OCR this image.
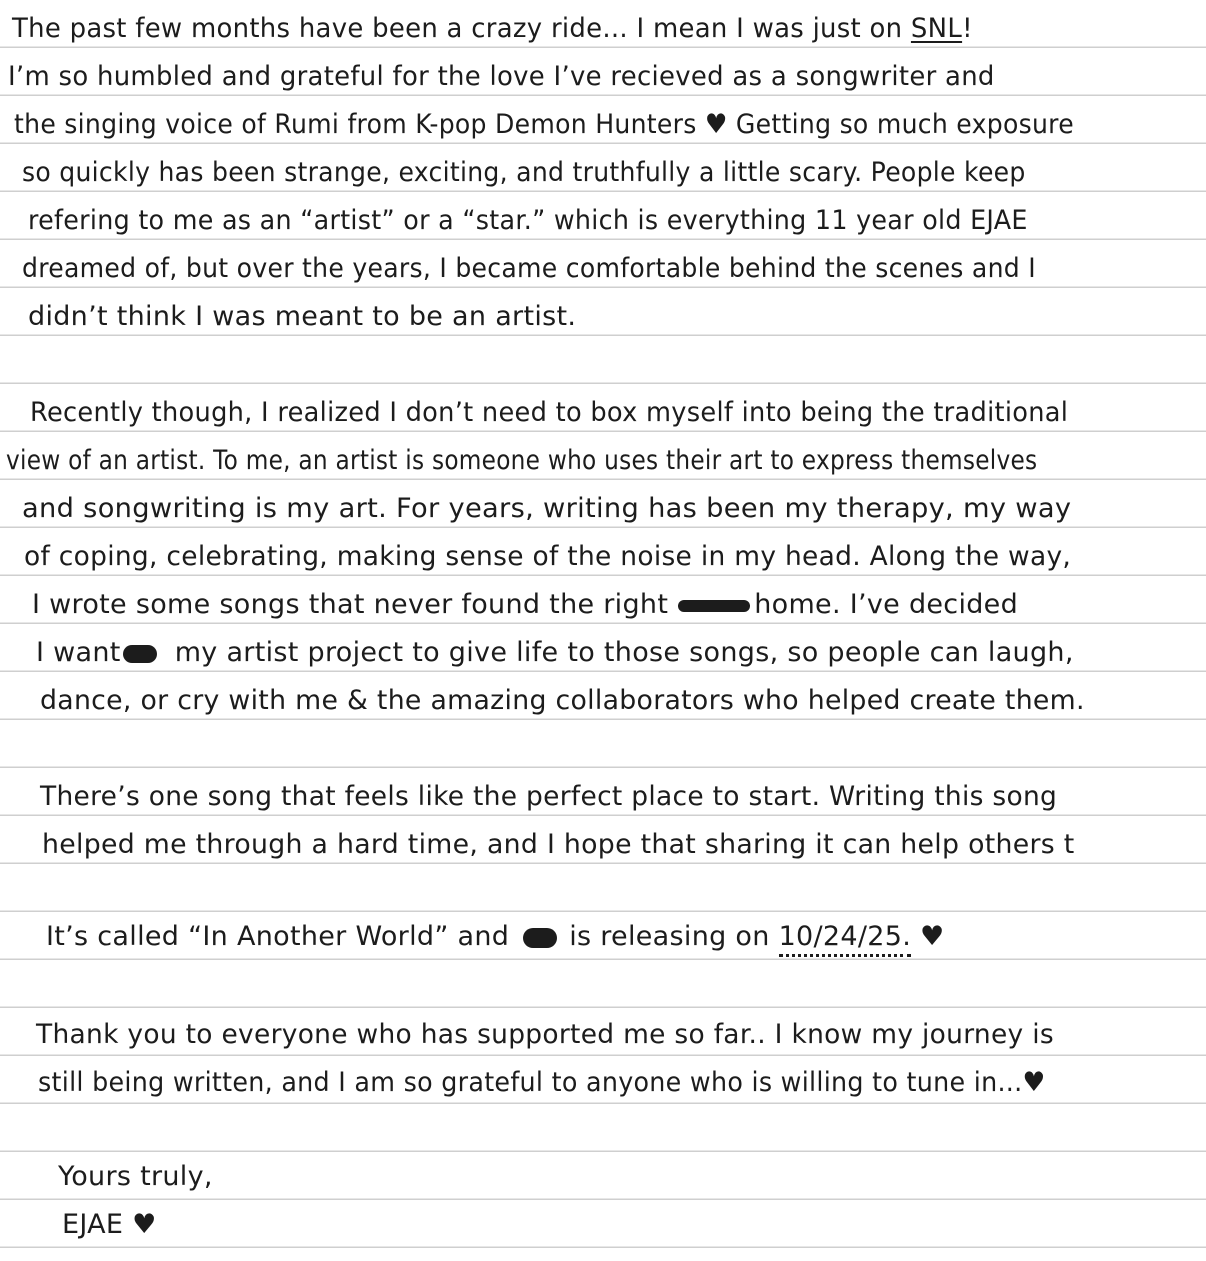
The past few months have been a crazy ride... I mean I was just on SNL!
I’m so humbled and grateful for the love I’ve recieved as a songwriter and
the singing voice of Rumi from K-pop Demon Hunters ♥ Getting so much exposure
so quickly has been strange, exciting, and truthfully a little scary. People keep
refering to me as an “artist” or a “star.” which is everything 11 year old EJAE
dreamed of, but over the years, I became comfortable behind the scenes and I
didn’t think I was meant to be an artist.
Recently though, I realized I don’t need to box myself into being the traditional
view of an artist. To me, an artist is someone who uses their art to express themselves
and songwriting is my art. For years, writing has been my therapy, my way
of coping, celebrating, making sense of the noise in my head. Along the way,
I wrote some songs that never found the right	home. I’ve decided
I want my artist project to give life to those songs, so people can laugh,
dance, or cry with me & the amazing collaborators who helped create them.
There’s one song that feels like the perfect place to start. Writing this song
helped me through a hard time, and I hope that sharing it can help others t
It’s called “In Another World” and is releasing on 10/24/25. ♥
Thank you to everyone who has supported me so far.. I know my journey is
still being written, and I am so grateful to anyone who is willing to tune in...♥
Yours truly,
EJAE ♥
